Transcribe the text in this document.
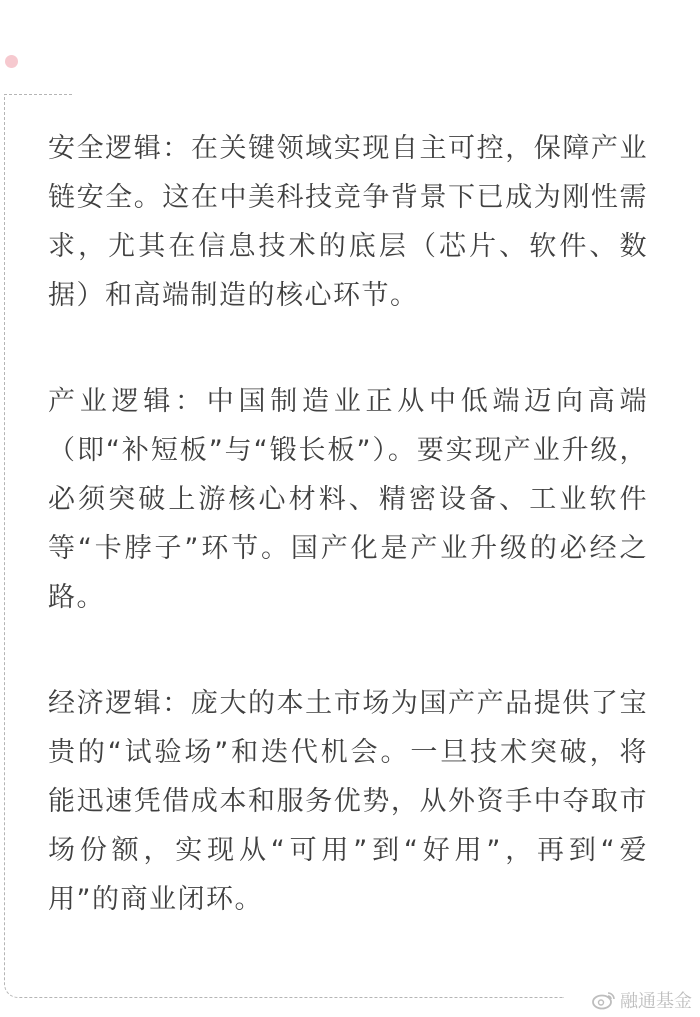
安全逻辑：在关键领域实现自主可控，保障产业链安全。这在中美科技竞争背景下已成为刚性需求，尤其在信息技术的底层（芯片、软件、数据）和高端制造的核心环节。

产业逻辑：中国制造业正从中低端迈向高端（即“补短板”与“锻长板”）。要实现产业升级，必须突破上游核心材料、精密设备、工业软件等“卡脖子”环节。国产化是产业升级的必经之路。

经济逻辑：庞大的本土市场为国产产品提供了宝贵的“试验场”和迭代机会。一旦技术突破，将能迅速凭借成本和服务优势，从外资手中夺取市场份额，实现从“可用”到“好用”，再到“爱用”的商业闭环。

融通基金
